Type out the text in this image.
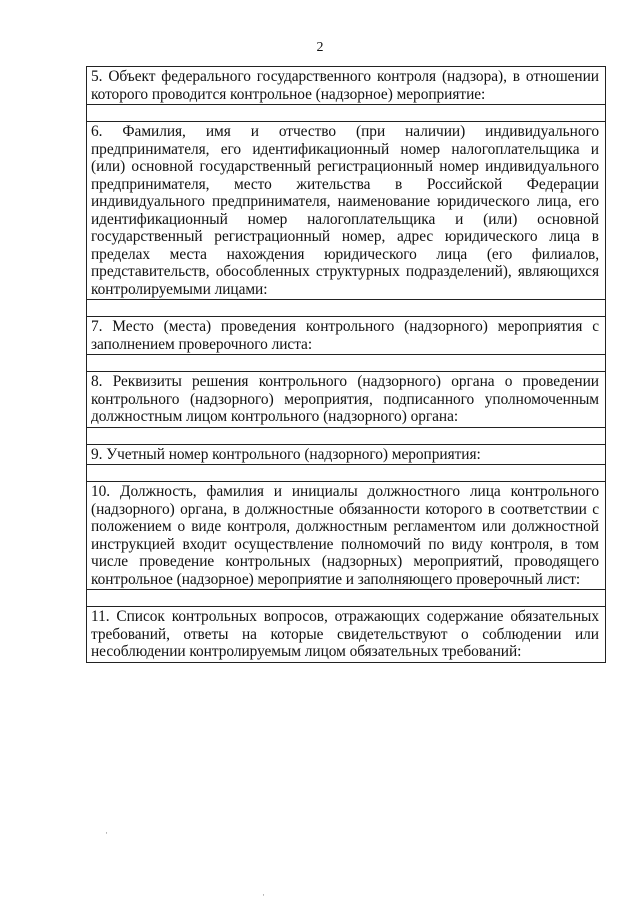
2
5. Объект федерального государственного контроля (надзора), в отношении которого проводится контрольное (надзорное) мероприятие:
6. Фамилия, имя и отчество (при наличии) индивидуального предпринимателя, его идентификационный номер налогоплательщика и (или) основной государственный регистрационный номер индивидуального предпринимателя, место жительства в Российской Федерации индивидуального предпринимателя, наименование юридического лица, его идентификационный номер налогоплательщика и (или) основной государственный регистрационный номер, адрес юридического лица в пределах места нахождения юридического лица (его филиалов, представительств, обособленных структурных подразделений), являющихся контролируемыми лицами:
7. Место (места) проведения контрольного (надзорного) мероприятия с заполнением проверочного листа:
8. Реквизиты решения контрольного (надзорного) органа о проведении контрольного (надзорного) мероприятия, подписанного уполномоченным должностным лицом контрольного (надзорного) органа:
9. Учетный номер контрольного (надзорного) мероприятия:
10. Должность, фамилия и инициалы должностного лица контрольного (надзорного) органа, в должностные обязанности которого в соответствии с положением о виде контроля, должностным регламентом или должностной инструкцией входит осуществление полномочий по виду контроля, в том числе проведение контрольных (надзорных) мероприятий, проводящего контрольное (надзорное) мероприятие и заполняющего проверочный лист:
11. Список контрольных вопросов, отражающих содержание обязательных требований, ответы на которые свидетельствуют о соблюдении или несоблюдении контролируемым лицом обязательных требований:
·
·
